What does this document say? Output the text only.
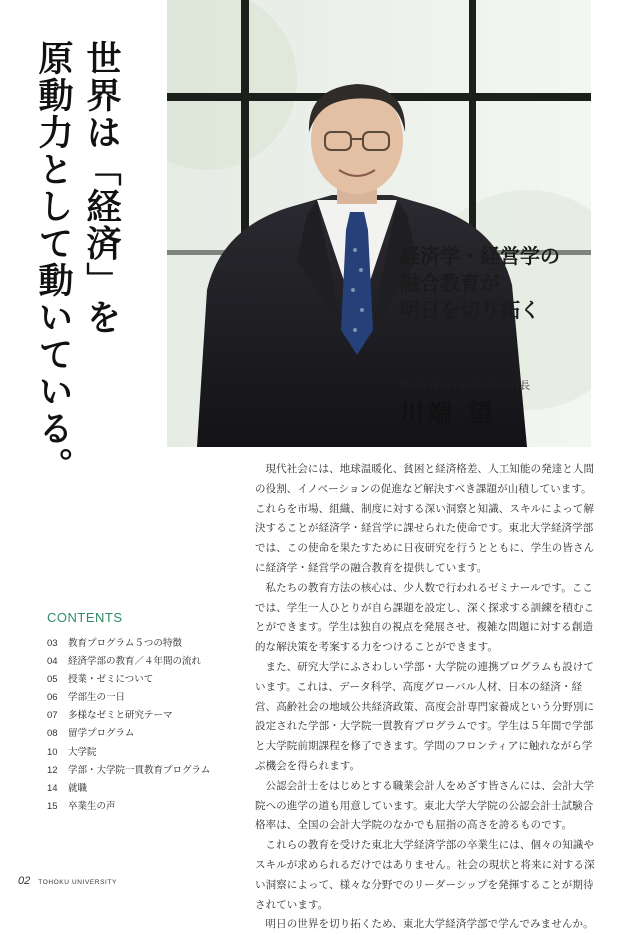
世界は「経済」を
原動力として動いている。	経済学・経営学の
融合教育が
明日を切り拓く

経済学部長・経済学研究科長

川端 望

現代社会には、地球温暖化、貧困と経済格差、人工知能の発達と人間の役割、イノベーションの促進など解決すべき課題が山積しています。これらを市場、組織、制度に対する深い洞察と知識、スキルによって解決することが経済学・経営学に課せられた使命です。東北大学経済学部では、この使命を果たすために日夜研究を行うとともに、学生の皆さんに経済学・経営学の融合教育を提供しています。

私たちの教育方法の核心は、少人数で行われるゼミナールです。ここでは、学生一人ひとりが自ら課題を設定し、深く探求する訓練を積むことができます。学生は独自の視点を発展させ、複雑な問題に対する創造的な解決策を考案する力をつけることができます。

また、研究大学にふさわしい学部・大学院の連携プログラムも設けています。これは、データ科学、高度グローバル人材、日本の経済・経営、高齢社会の地域公共経済政策、高度会計専門家養成という分野別に設定された学部・大学院一貫教育プログラムです。学生は５年間で学部と大学院前期課程を修了できます。学問のフロンティアに触れながら学ぶ機会を得られます。

公認会計士をはじめとする職業会計人をめざす皆さんには、会計大学院への進学の道も用意しています。東北大学大学院の公認会計士試験合格率は、全国の会計大学院のなかでも屈指の高さを誇るものです。

これらの教育を受けた東北大学経済学部の卒業生には、個々の知識やスキルが求められるだけではありません。社会の現状と将来に対する深い洞察によって、様々な分野でのリーダーシップを発揮することが期待されています。

明日の世界を切り拓くため、東北大学経済学部で学んでみませんか。

CONTENTS
03	教育プログラム５つの特徴
04	経済学部の教育／４年間の流れ
05	授業・ゼミについて
06	学部生の一日
07	多様なゼミと研究テーマ
08	留学プログラム
10	大学院
12	学部・大学院一貫教育プログラム
14	就職
15	卒業生の声
02 TOHOKU UNIVERSITY
